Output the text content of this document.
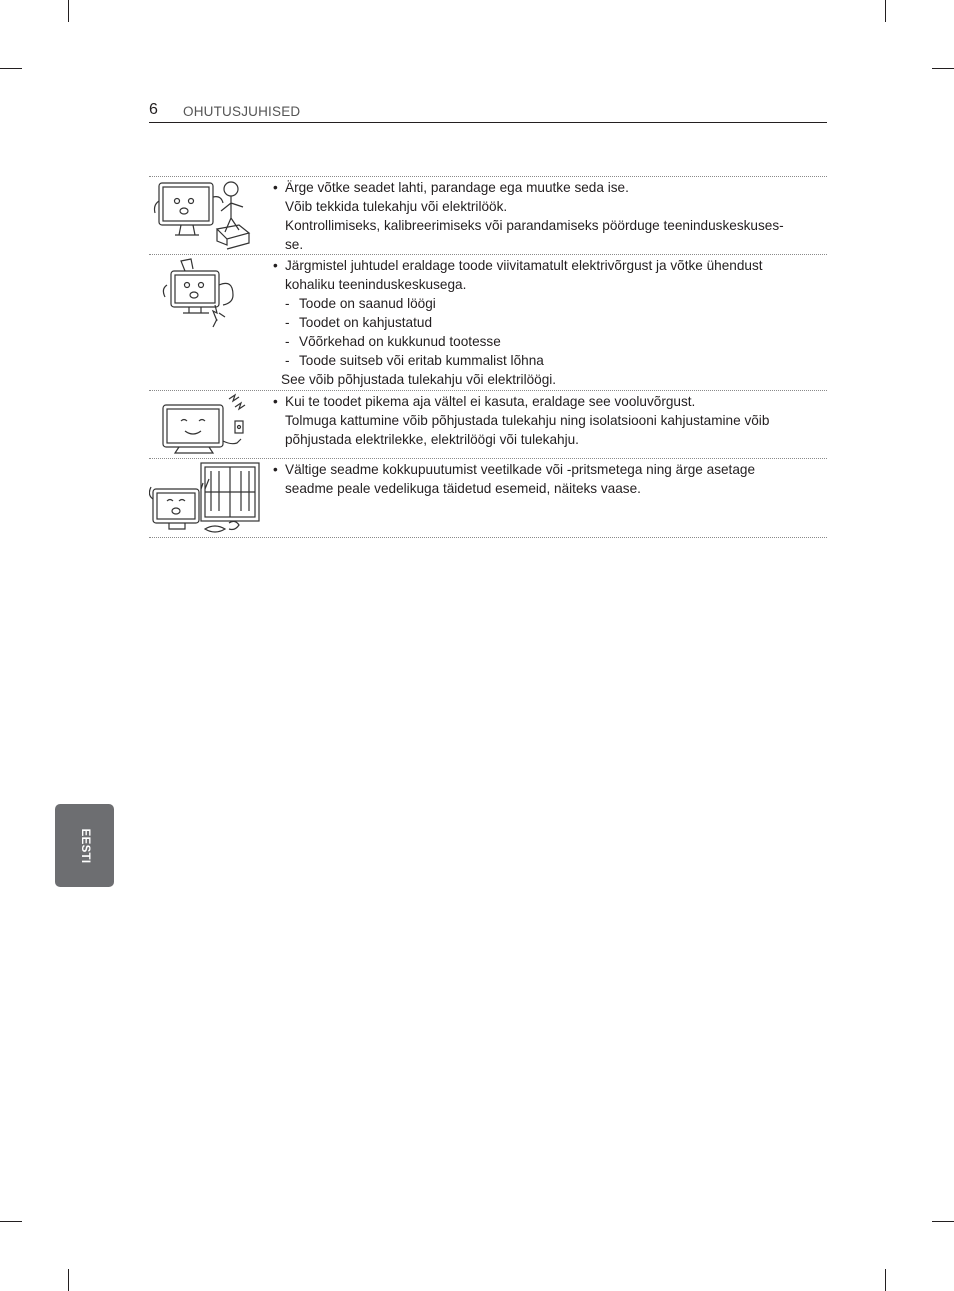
6 OHUTUSJUHISED
• Ärge võtke seadet lahti, parandage ega muutke seda ise.
Võib tekkida tulekahju või elektrilöök.
Kontrollimiseks, kalibreerimiseks või parandamiseks pöörduge teeninduskeskuses-
se.
• Järgmistel juhtudel eraldage toode viivitamatult elektrivõrgust ja võtke ühendust
kohaliku teeninduskeskusega.
- Toode on saanud löögi
- Toodet on kahjustatud
- Võõrkehad on kukkunud tootesse
- Toode suitseb või eritab kummalist lõhna
See võib põhjustada tulekahju või elektrilöögi.
• Kui te toodet pikema aja vältel ei kasuta, eraldage see vooluvõrgust.
Tolmuga kattumine võib põhjustada tulekahju ning isolatsiooni kahjustamine võib
põhjustada elektrilekke, elektrilöögi või tulekahju.
• Vältige seadme kokkupuutumist veetilkade või -pritsmetega ning ärge asetage
seadme peale vedelikuga täidetud esemeid, näiteks vaase.
EESTI
